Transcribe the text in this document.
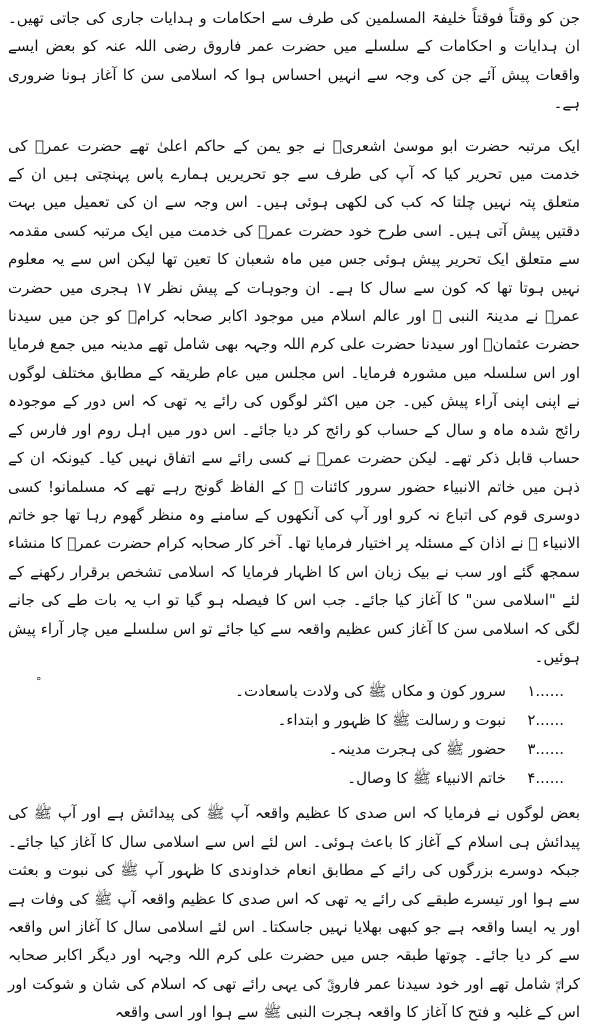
جن کو وقتاً فوقتاً خلیفۃ المسلمین کی طرف سے احکامات و ہدایات جاری کی جاتی تھیں۔ ان ہدایات و احکامات کے سلسلے میں حضرت عمر فاروق رضی اللہ عنہ کو بعض ایسے واقعات پیش آئے جن کی وجہ سے انہیں احساس ہوا کہ اسلامی سن کا آغاز ہونا ضروری ہے۔

ایک مرتبہ حضرت ابو موسیٰ اشعریؓ نے جو یمن کے حاکم اعلیٰ تھے حضرت عمرؓ کی خدمت میں تحریر کیا کہ آپ کی طرف سے جو تحریریں ہمارے پاس پہنچتی ہیں ان کے متعلق پتہ نہیں چلتا کہ کب کی لکھی ہوئی ہیں۔ اس وجہ سے ان کی تعمیل میں بہت دقتیں پیش آتی ہیں۔ اسی طرح خود حضرت عمرؓ کی خدمت میں ایک مرتبہ کسی مقدمہ سے متعلق ایک تحریر پیش ہوئی جس میں ماہ شعبان کا تعین تھا لیکن اس سے یہ معلوم نہیں ہوتا تھا کہ کون سے سال کا ہے۔ ان وجوہات کے پیش نظر ۱۷ ہجری میں حضرت عمرؓ نے مدینۃ النبی ﷺ اور عالم اسلام میں موجود اکابر صحابہ کرامؓ کو جن میں سیدنا حضرت عثمانؓ اور سیدنا حضرت علی کرم اللہ وجہہ بھی شامل تھے مدینہ میں جمع فرمایا اور اس سلسلہ میں مشورہ فرمایا۔ اس مجلس میں عام طریقہ کے مطابق مختلف لوگوں نے اپنی اپنی آراء پیش کیں۔ جن میں اکثر لوگوں کی رائے یہ تھی کہ اس دور کے موجودہ رائج شدہ ماہ و سال کے حساب کو رائج کر دیا جائے۔ اس دور میں اہل روم اور فارس کے حساب قابل ذکر تھے۔ لیکن حضرت عمرؓ نے کسی رائے سے اتفاق نہیں کیا۔ کیونکہ ان کے ذہن میں خاتم الانبیاء حضور سرور کائنات ﷺ کے الفاظ گونج رہے تھے کہ مسلمانو! کسی دوسری قوم کی اتباع نہ کرو اور آپ کی آنکھوں کے سامنے وہ منظر گھوم رہا تھا جو خاتم الانبیاء ﷺ نے اذان کے مسئلہ پر اختیار فرمایا تھا۔ آخر کار صحابہ کرام حضرت عمرؓ کا منشاء سمجھ گئے اور سب نے بیک زبان اس کا اظہار فرمایا کہ اسلامی تشخص برقرار رکھنے کے لئے "اسلامی سن" کا آغاز کیا جائے۔ جب اس کا فیصلہ ہو گیا تو اب یہ بات طے کی جانے لگی کہ اسلامی سن کا آغاز کس عظیم واقعہ سے کیا جائے تو اس سلسلے میں چار آراء پیش ہوئیں۔

۱......
سرور کون و مکاں ﷺ کی ولادت باسعادت۔
۲......
نبوت و رسالت ﷺ کا ظہور و ابتداء۔
۳......
حضور ﷺ کی ہجرت مدینہ۔
۴......
خاتم الانبیاء ﷺ کا وصال۔

بعض لوگوں نے فرمایا کہ اس صدی کا عظیم واقعہ آپ ﷺ کی پیدائش ہے اور آپ ﷺ کی پیدائش ہی اسلام کے آغاز کا باعث ہوئی۔ اس لئے اس سے اسلامی سال کا آغاز کیا جائے۔ جبکہ دوسرے بزرگوں کی رائے کے مطابق انعام خداوندی کا ظہور آپ ﷺ کی نبوت و بعثت سے ہوا اور تیسرے طبقے کی رائے یہ تھی کہ اس صدی کا عظیم واقعہ آپ ﷺ کی وفات ہے اور یہ ایسا واقعہ ہے جو کبھی بھلایا نہیں جاسکتا۔ اس لئے اسلامی سال کا آغاز اس واقعہ سے کر دیا جائے۔ چوتھا طبقہ جس میں حضرت علی کرم اللہ وجہہ اور دیگر اکابر صحابہ کرامؓ شامل تھے اور خود سیدنا عمر فاروقؓ کی یہی رائے تھی کہ اسلام کی شان و شوکت اور اس کے غلبہ و فتح کا آغاز کا واقعہ ہجرت النبی ﷺ سے ہوا اور اسی واقعہ

°
